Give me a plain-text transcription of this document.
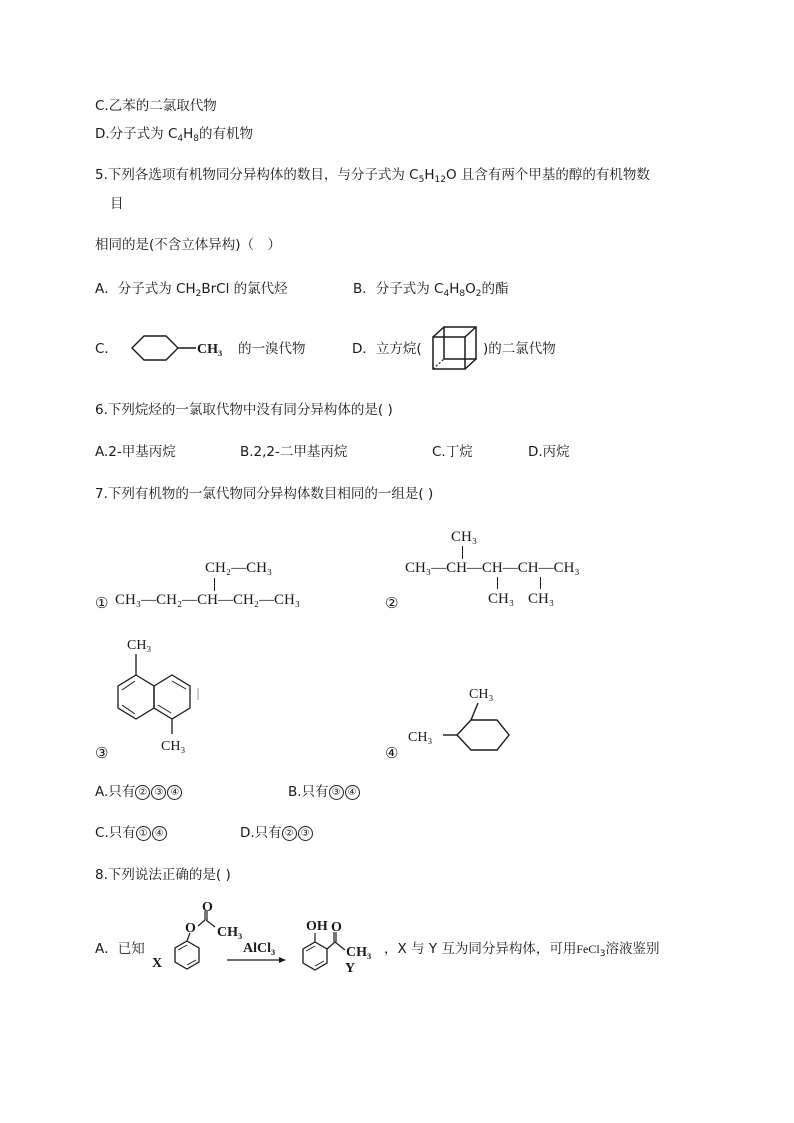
C.乙苯的二氯取代物
D.分子式为 $C_4H_8$的有机物
5.下列各选项有机物同分异构体的数目，与分子式为 $C_5H_{12}O$ 且含有两个甲基的醇的有机物数
目
相同的是(不含立体异构)（　）
A．分子式为 $CH_2BrCl$ 的氯代烃	B．分子式为 $C_4H_8O_2$的酯
C．	CH₃ 的一溴代物	D．立方烷(	)的二氯代物
6.下列烷烃的一氯取代物中没有同分异构体的是( )
A.2-甲基丙烷	B.2,2-二甲基丙烷	C.丁烷	D.丙烷
7.下列有机物的一氯代物同分异构体数目相同的一组是( )
①
CH₂—CH₃
CH₃—CH₂—CH—CH₂—CH₃	②
CH₃
CH₃—CH—CH—CH—CH₃
CH₃ CH₃
③
CH₃
CH₃	④
CH₃
CH₃
A.只有 ② ③ ④	B.只有 ③ ④
C.只有 ① ④	D.只有 ② ③
8.下列说法正确的是( )
A．已知
X
O
O
CH₃
AlCl₃
OH O
CH₃
Y
，X 与 Y 互为同分异构体，可用FeCl$_3$溶液鉴别
